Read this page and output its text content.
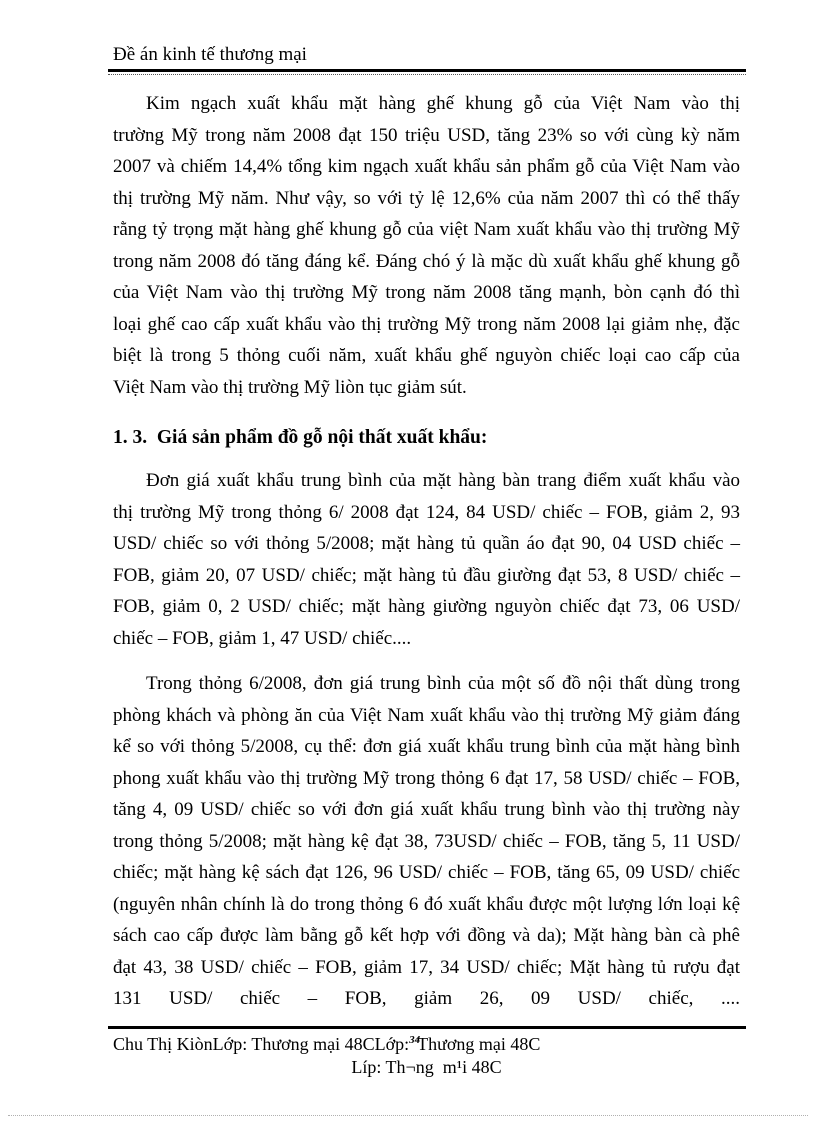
Đề án kinh tế thương mại
Kim ngạch xuất khẩu mặt hàng ghế khung gỗ của Việt Nam vào thị
trường Mỹ trong năm 2008 đạt 150 triệu USD, tăng 23% so với cùng kỳ năm
2007 và chiếm 14,4% tổng kim ngạch xuất khẩu sản phẩm gỗ của Việt Nam vào
thị trường Mỹ năm. Như vậy, so với tỷ lệ 12,6% của năm 2007 thì có thể thấy
rằng tỷ trọng mặt hàng ghế khung gỗ của việt Nam xuất khẩu vào thị trường Mỹ
trong năm 2008 đó tăng đáng kể. Đáng chó ý là mặc dù xuất khẩu ghế khung gỗ
của Việt Nam vào thị trường Mỹ trong năm 2008 tăng mạnh, bòn cạnh đó thì
loại ghế cao cấp xuất khẩu vào thị trường Mỹ trong năm 2008 lại giảm nhẹ, đặc
biệt là trong 5 thỏng cuối năm, xuất khẩu ghế nguyòn chiếc loại cao cấp của
Việt Nam vào thị trường Mỹ liòn tục giảm sút.
1. 3.  Giá sản phẩm đồ gỗ nội thất xuất khẩu:
Đơn giá xuất khẩu trung bình của mặt hàng bàn trang điểm xuất khẩu vào
thị trường Mỹ trong thỏng 6/ 2008 đạt 124, 84 USD/ chiếc – FOB, giảm 2, 93
USD/ chiếc so với thỏng 5/2008; mặt hàng tủ quần áo đạt 90, 04 USD chiếc –
FOB, giảm 20, 07 USD/ chiếc; mặt hàng tủ đầu giường đạt 53, 8 USD/ chiếc –
FOB, giảm 0, 2 USD/ chiếc; mặt hàng giường nguyòn chiếc đạt 73, 06 USD/
chiếc – FOB, giảm 1, 47 USD/ chiếc....
Trong thỏng 6/2008, đơn giá trung bình của một số đồ nội thất dùng trong
phòng khách và phòng ăn của Việt Nam xuất khẩu vào thị trường Mỹ giảm đáng
kể so với thỏng 5/2008, cụ thể: đơn giá xuất khẩu trung bình của mặt hàng bình
phong xuất khẩu vào thị trường Mỹ trong thỏng 6 đạt 17, 58 USD/ chiếc – FOB,
tăng 4, 09 USD/ chiếc so với đơn giá xuất khẩu trung bình vào thị trường này
trong thỏng 5/2008; mặt hàng kệ đạt 38, 73USD/ chiếc – FOB, tăng 5, 11 USD/
chiếc; mặt hàng kệ sách đạt 126, 96 USD/ chiếc – FOB, tăng 65, 09 USD/ chiếc
(nguyên nhân chính là do trong thỏng 6 đó xuất khẩu được một lượng lớn loại kệ
sách cao cấp được làm bằng gỗ kết hợp với đồng và da); Mặt hàng bàn cà phê
đạt 43, 38 USD/ chiếc – FOB, giảm 17, 34 USD/ chiếc; Mặt hàng tủ rượu đạt
131 USD/ chiếc – FOB, giảm 26, 09 USD/ chiếc, ....
Chu Thị KiònLớp: Thương mại 48CLớp:$^{34}$Thương mại 48C
Líp: Th¬ng  m¹i 48C
